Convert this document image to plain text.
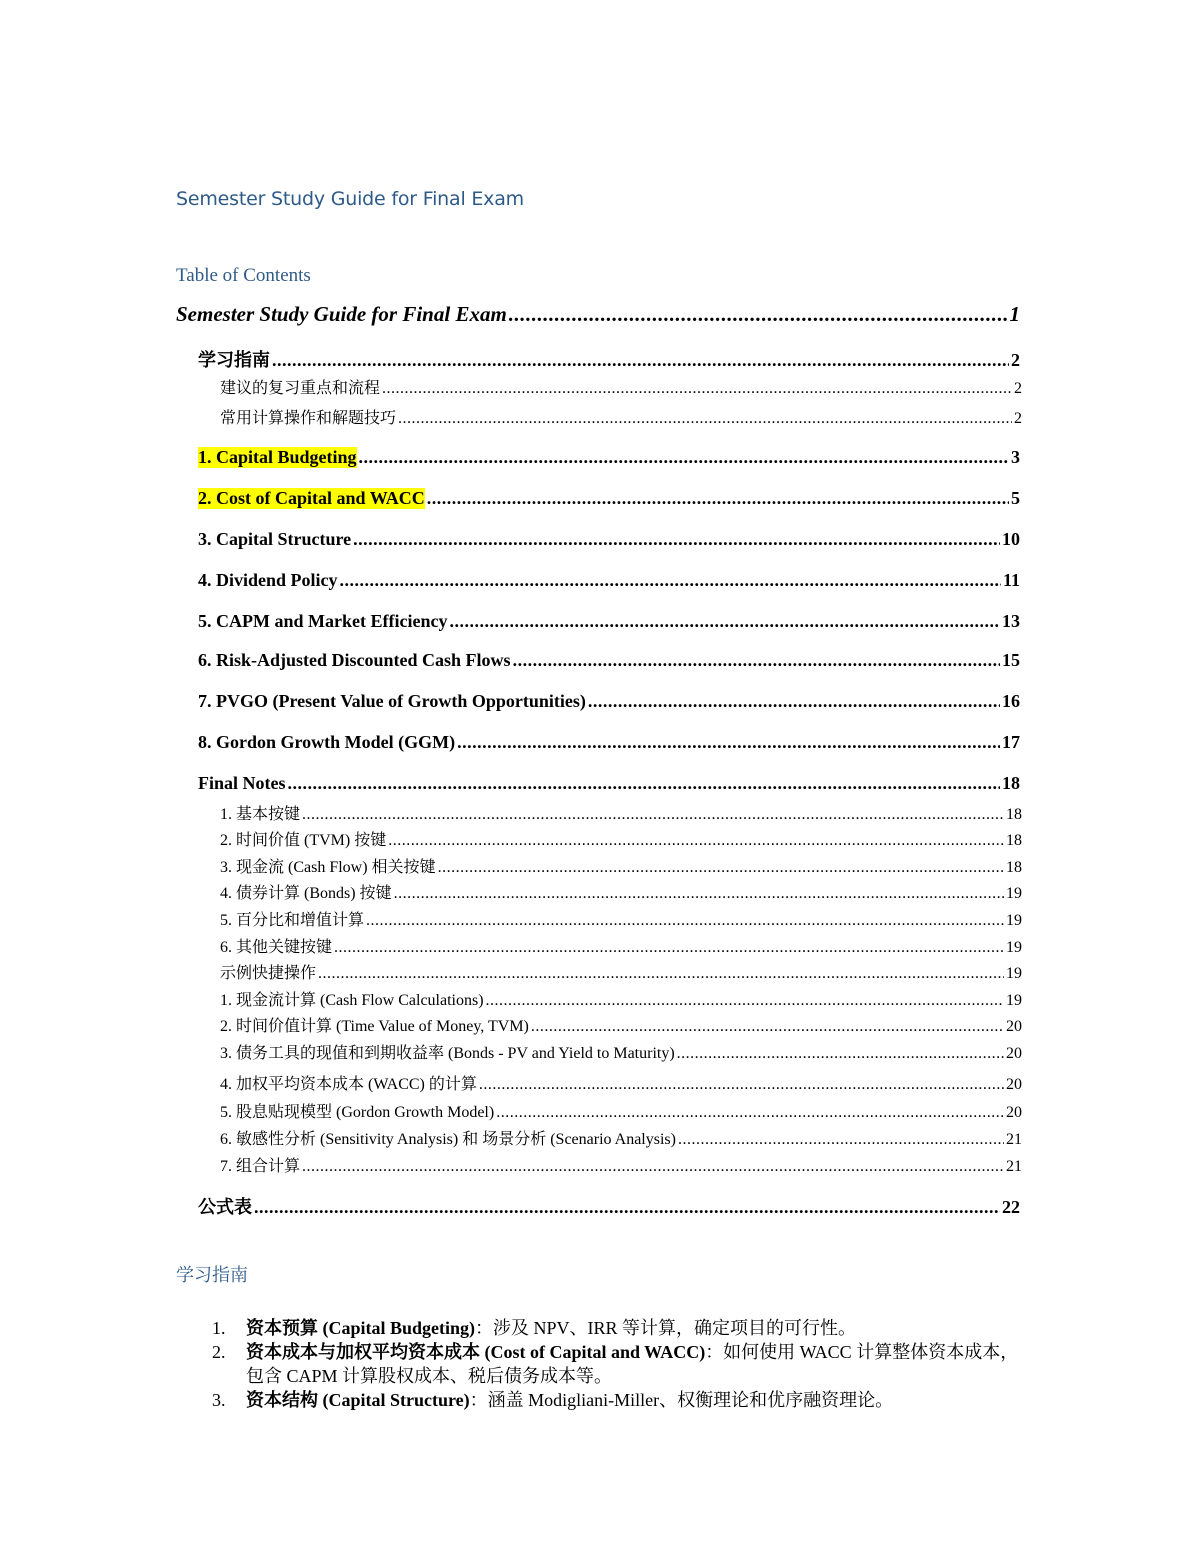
Semester Study Guide for Final Exam
Table of Contents
Semester Study Guide for Final Exam .....	1
学习指南 .....	2
建议的复习重点和流程 .....	2
常用计算操作和解题技巧 .....	2
1. Capital Budgeting .....	3
2. Cost of Capital and WACC .....	5
3. Capital Structure .....	10
4. Dividend Policy .....	11
5. CAPM and Market Efficiency .....	13
6. Risk-Adjusted Discounted Cash Flows .....	15
7. PVGO (Present Value of Growth Opportunities) .....	16
8. Gordon Growth Model (GGM) .....	17
Final Notes .....	18
1. 基本按键 .....	18
2. 时间价值 (TVM) 按键 .....	18
3. 现金流 (Cash Flow) 相关按键 .....	18
4. 债券计算 (Bonds) 按键 .....	19
5. 百分比和增值计算 .....	19
6. 其他关键按键 .....	19
示例快捷操作 .....	19
1. 现金流计算 (Cash Flow Calculations) .....	19
2. 时间价值计算 (Time Value of Money, TVM) .....	20
3. 债务工具的现值和到期收益率 (Bonds - PV and Yield to Maturity) .....	20
4. 加权平均资本成本 (WACC) 的计算 .....	20
5. 股息贴现模型 (Gordon Growth Model) .....	20
6. 敏感性分析 (Sensitivity Analysis) 和 场景分析 (Scenario Analysis) .....	21
7. 组合计算 .....	21
公式表 .....	22
学习指南
1.	资本预算 (Capital Budgeting)：涉及 NPV、IRR 等计算，确定项目的可行性。
2.	资本成本与加权平均资本成本 (Cost of Capital and WACC)：如何使用 WACC 计算整体资本成本，包含 CAPM 计算股权成本、税后债务成本等。
3.	资本结构 (Capital Structure)：涵盖 Modigliani-Miller、权衡理论和优序融资理论。
